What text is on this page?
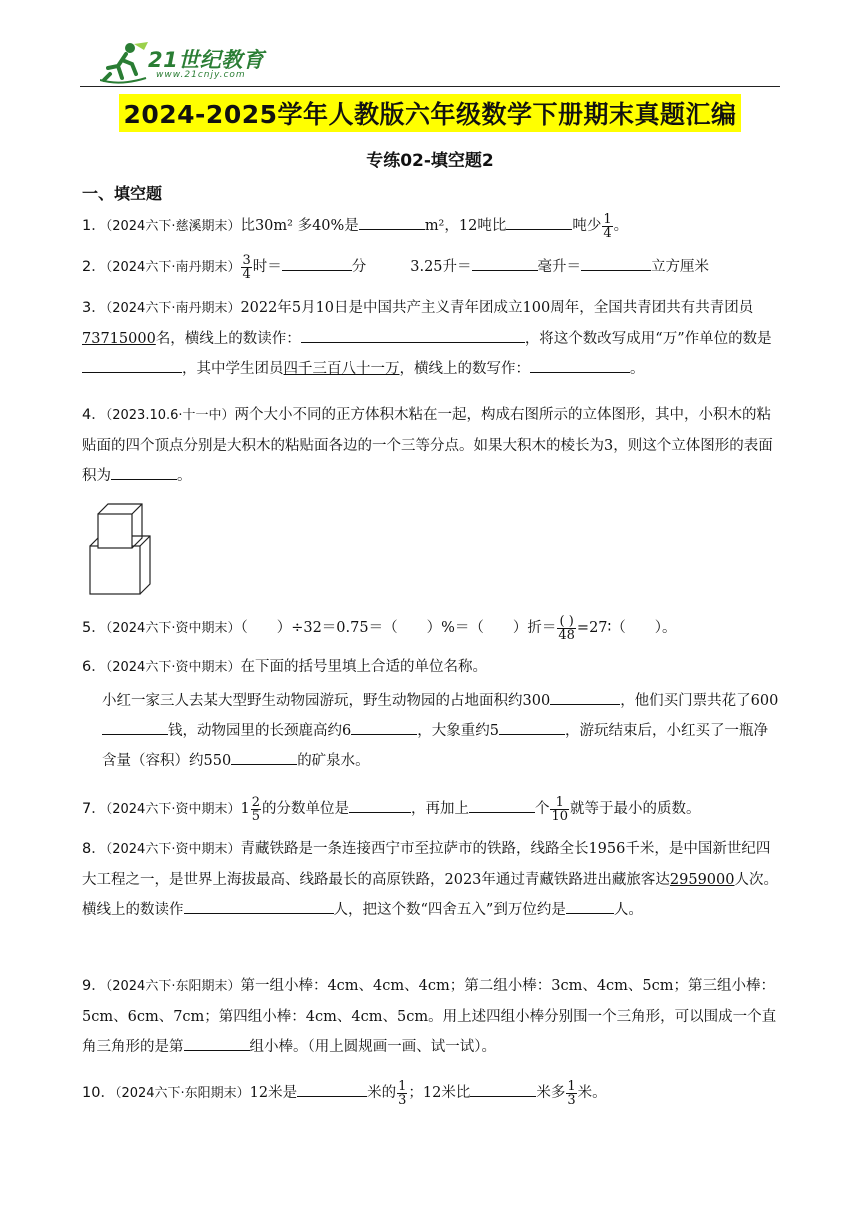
21世纪教育
www.21cnjy.com
2024-2025学年人教版六年级数学下册期末真题汇编
专练02-填空题2
一、填空题
1．（2024六下·慈溪期末）比30m² 多40%是	m²，12吨比	吨少 $\frac{1}{4}$ 。
2．（2024六下·南丹期末） $\frac{3}{4}$ 时＝	分	3.25升＝	毫升＝	立方厘米
3．（2024六下·南丹期末）2022年5月10日是中国共产主义青年团成立100周年，全国共青团共有共青团员73715000名，横线上的数读作：	，将这个数改写成用“万”作单位的数是，其中学生团员四千三百八十一万，横线上的数写作：	。
4．（2023.10.6·十一中）两个大小不同的正方体积木粘在一起，构成右图所示的立体图形，其中，小积木的粘贴面的四个顶点分别是大积木的粘贴面各边的一个三等分点。如果大积木的棱长为3，则这个立体图形的表面积为	。
5．（2024六下·资中期末）（　　）÷32＝0.75＝（　　）%＝（　　）折＝ $\frac{( )}{48}$ =27∶（　　）。
6．（2024六下·资中期末）在下面的括号里填上合适的单位名称。
小红一家三人去某大型野生动物园游玩，野生动物园的占地面积约300	，他们买门票共花了600钱，动物园里的长颈鹿高约6	，大象重约5	，游玩结束后，小红买了一瓶净含量（容积）约550	的矿泉水。
7．（2024六下·资中期末）$1 \frac{2}{5}$ 的分数单位是	，再加上	个 $\frac{1}{10}$ 就等于最小的质数。
8．（2024六下·资中期末）青藏铁路是一条连接西宁市至拉萨市的铁路，线路全长1956千米，是中国新世纪四大工程之一，是世界上海拔最高、线路最长的高原铁路，2023年通过青藏铁路进出藏旅客达2959000人次。横线上的数读作	人，把这个数“四舍五入”到万位约是	人。
9．（2024六下·东阳期末）第一组小棒：4cm、4cm、4cm；第二组小棒：3cm、4cm、5cm；第三组小棒：5cm、6cm、7cm；第四组小棒：4cm、4cm、5cm。用上述四组小棒分别围一个三角形，可以围成一个直角三角形的是第	组小棒。（用上圆规画一画、试一试）。
10．（2024六下·东阳期末）12米是	米的 $\frac{1}{3}$ ；12米比	米多 $\frac{1}{3}$ 米。
